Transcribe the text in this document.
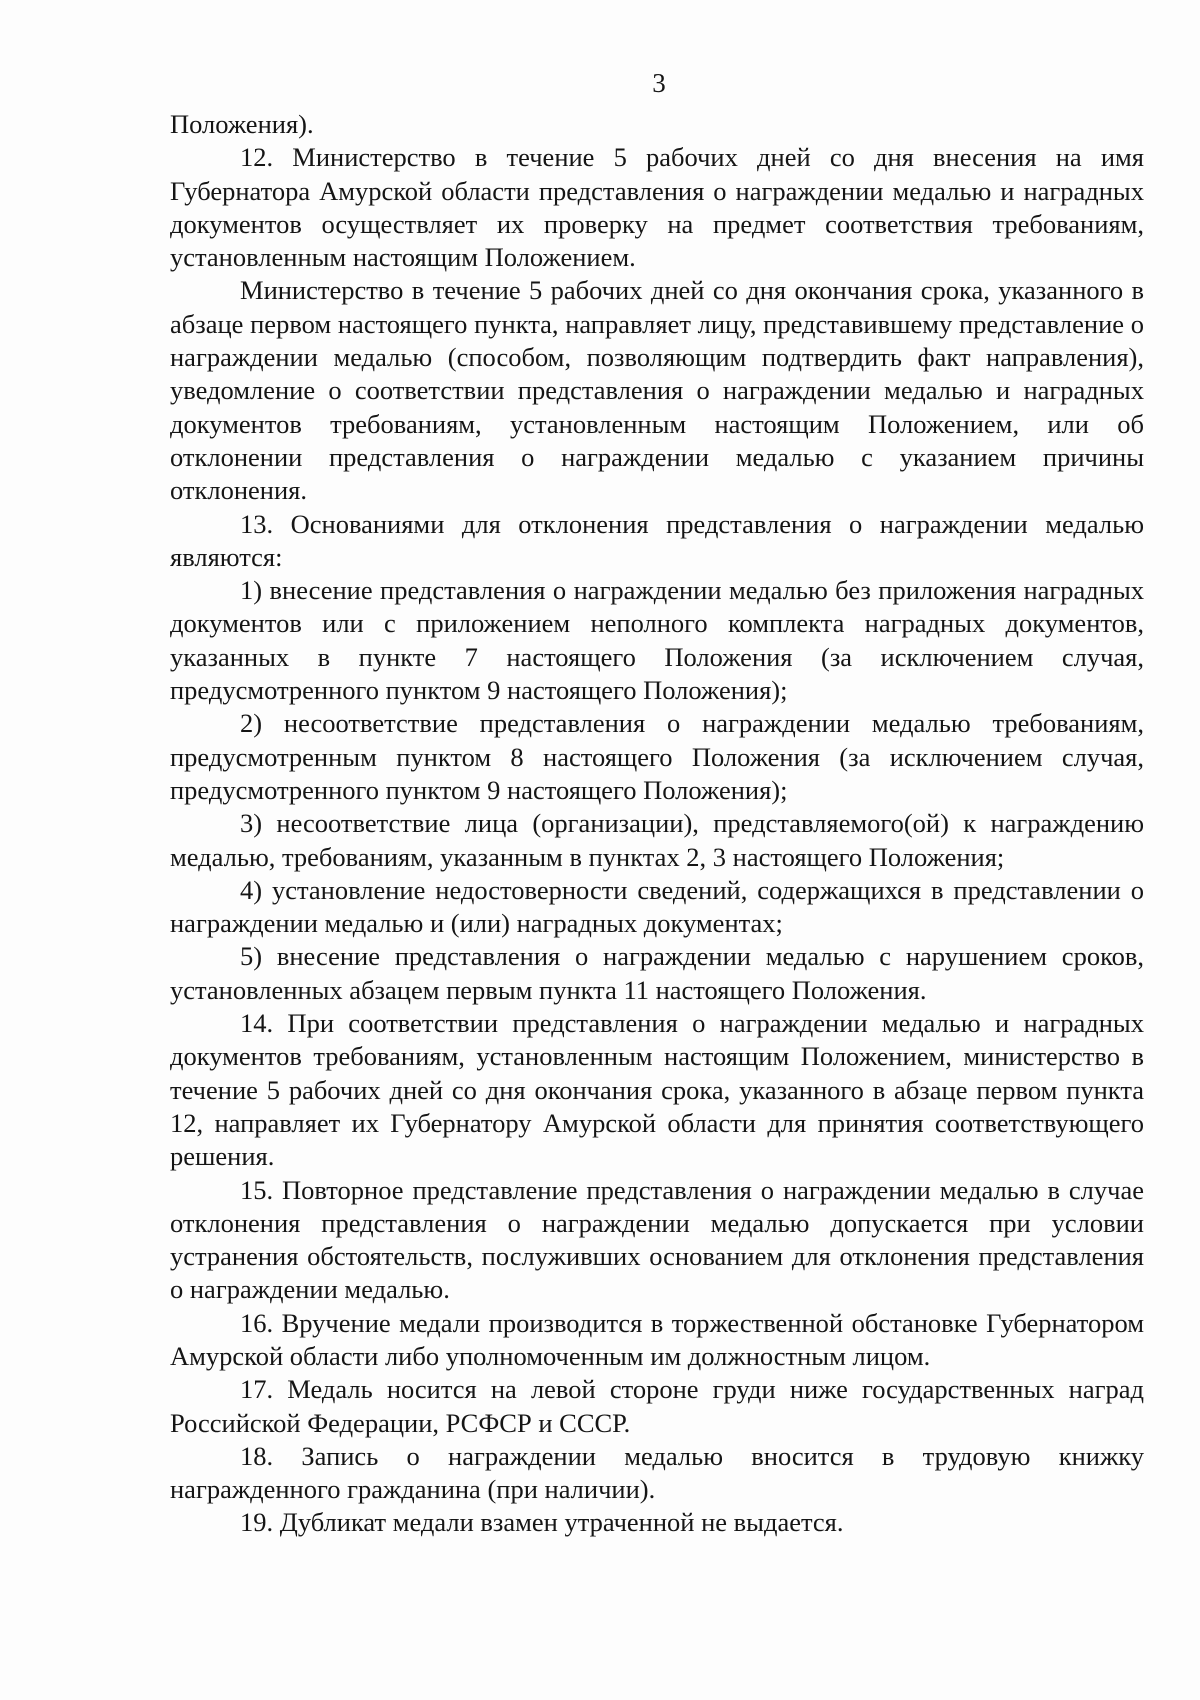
3

Положения).

12. Министерство в течение 5 рабочих дней со дня внесения на имя Губернатора Амурской области представления о награждении медалью и наградных документов осуществляет их проверку на предмет соответствия требованиям, установленным настоящим Положением.

Министерство в течение 5 рабочих дней со дня окончания срока, указанного в абзаце первом настоящего пункта, направляет лицу, представившему представление о награждении медалью (способом, позволяющим подтвердить факт направления), уведомление о соответствии представления о награждении медалью и наградных документов требованиям, установленным настоящим Положением, или об отклонении представления о награждении медалью с указанием причины отклонения.

13. Основаниями для отклонения представления о награждении медалью являются:

1) внесение представления о награждении медалью без приложения наградных документов или с приложением неполного комплекта наградных документов, указанных в пункте 7 настоящего Положения (за исключением случая, предусмотренного пунктом 9 настоящего Положения);

2) несоответствие представления о награждении медалью требованиям, предусмотренным пунктом 8 настоящего Положения (за исключением случая, предусмотренного пунктом 9 настоящего Положения);

3) несоответствие лица (организации), представляемого(ой) к награждению медалью, требованиям, указанным в пунктах 2, 3 настоящего Положения;

4) установление недостоверности сведений, содержащихся в представлении о награждении медалью и (или) наградных документах;

5) внесение представления о награждении медалью с нарушением сроков, установленных абзацем первым пункта 11 настоящего Положения.

14. При соответствии представления о награждении медалью и наградных документов требованиям, установленным настоящим Положением, министерство в течение 5 рабочих дней со дня окончания срока, указанного в абзаце первом пункта 12, направляет их Губернатору Амурской области для принятия соответствующего решения.

15. Повторное представление представления о награждении медалью в случае отклонения представления о награждении медалью допускается при условии устранения обстоятельств, послуживших основанием для отклонения представления о награждении медалью.

16. Вручение медали производится в торжественной обстановке Губернатором Амурской области либо уполномоченным им должностным лицом.

17. Медаль носится на левой стороне груди ниже государственных наград Российской Федерации, РСФСР и СССР.

18. Запись о награждении медалью вносится в трудовую книжку награжденного гражданина (при наличии).

19. Дубликат медали взамен утраченной не выдается.
